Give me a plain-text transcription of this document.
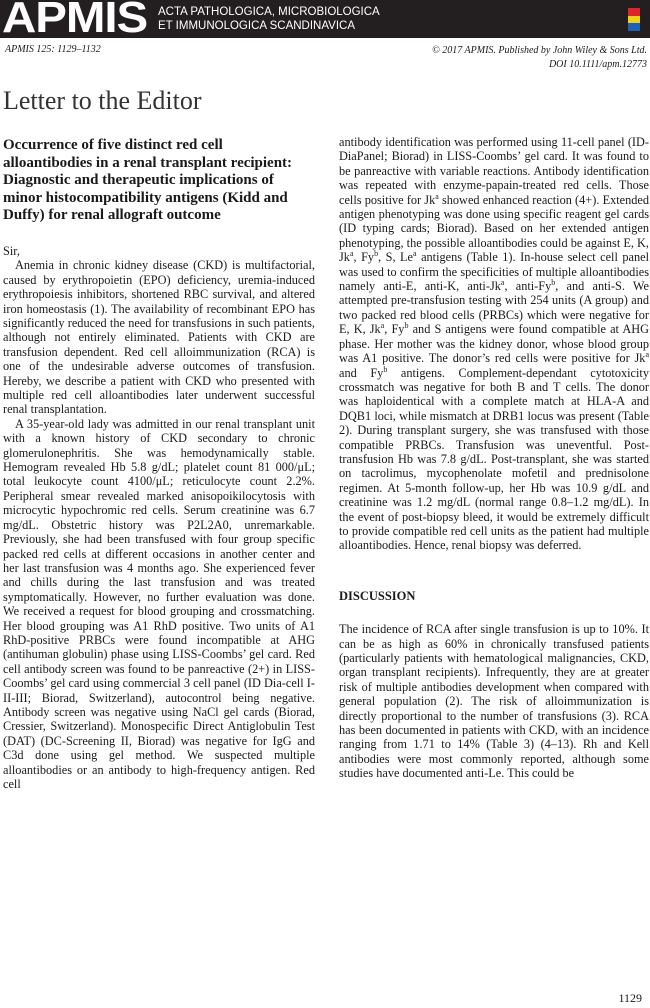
APMIS ACTA PATHOLOGICA, MICROBIOLOGICA
ET IMMUNOLOGICA SCANDINAVICA
APMIS 125: 1129–1132	© 2017 APMIS. Published by John Wiley & Sons Ltd.
DOI 10.1111/apm.12773
Letter to the Editor

Occurrence of five distinct red cell alloantibodies in a renal transplant recipient: Diagnostic and therapeutic implications of minor histocompatibility antigens (Kidd and Duffy) for renal allograft outcome

Sir,

Anemia in chronic kidney disease (CKD) is multifactorial, caused by erythropoietin (EPO) deficiency, uremia-induced erythropoiesis inhibitors, shortened RBC survival, and altered iron homeostasis (1). The availability of recombinant EPO has significantly reduced the need for transfusions in such patients, although not entirely eliminated. Patients with CKD are transfusion dependent. Red cell alloimmunization (RCA) is one of the undesirable adverse outcomes of transfusion. Hereby, we describe a patient with CKD who presented with multiple red cell alloantibodies later underwent successful renal transplantation.

A 35-year-old lady was admitted in our renal transplant unit with a known history of CKD secondary to chronic glomerulonephritis. She was hemodynamically stable. Hemogram revealed Hb 5.8 g/dL; platelet count 81 000/μL; total leukocyte count 4100/μL; reticulocyte count 2.2%. Peripheral smear revealed marked anisopoikilocytosis with microcytic hypochromic red cells. Serum creatinine was 6.7 mg/dL. Obstetric history was P2L2A0, unremarkable. Previously, she had been transfused with four group specific packed red cells at different occasions in another center and her last transfusion was 4 months ago. She experienced fever and chills during the last transfusion and was treated symptomatically. However, no further evaluation was done. We received a request for blood grouping and crossmatching. Her blood grouping was A1 RhD positive. Two units of A1 RhD-positive PRBCs were found incompatible at AHG (antihuman globulin) phase using LISS-Coombs’ gel card. Red cell antibody screen was found to be panreactive (2+) in LISS-Coombs’ gel card using commercial 3 cell panel (ID Dia-cell I-II-III; Biorad, Switzerland), autocontrol being negative. Antibody screen was negative using NaCl gel cards (Biorad, Cressier, Switzerland). Monospecific Direct Antiglobulin Test (DAT) (DC-Screening II, Biorad) was negative for IgG and C3d done using gel method. We suspected multiple alloantibodies or an antibody to high-frequency antigen. Red cell

antibody identification was performed using 11-cell panel (ID-DiaPanel; Biorad) in LISS-Coombs’ gel card. It was found to be panreactive with variable reactions. Antibody identification was repeated with enzyme-papain-treated red cells. Those cells positive for Jk$^a$ showed enhanced reaction (4+). Extended antigen phenotyping was done using specific reagent gel cards (ID typing cards; Biorad). Based on her extended antigen phenotyping, the possible alloantibodies could be against E, K, Jk$^a$, Fy$^b$, S, Le$^a$ antigens (Table 1). In-house select cell panel was used to confirm the specificities of multiple alloantibodies namely anti-E, anti-K, anti-Jk$^a$, anti-Fy$^b$, and anti-S. We attempted pre-transfusion testing with 254 units (A group) and two packed red blood cells (PRBCs) which were negative for E, K, Jk$^a$, Fy$^b$ and S antigens were found compatible at AHG phase. Her mother was the kidney donor, whose blood group was A1 positive. The donor’s red cells were positive for Jk$^a$ and Fy$^b$ antigens. Complement-dependant cytotoxicity crossmatch was negative for both B and T cells. The donor was haploidentical with a complete match at HLA-A and DQB1 loci, while mismatch at DRB1 locus was present (Table 2). During transplant surgery, she was transfused with those compatible PRBCs. Transfusion was uneventful. Post-transfusion Hb was 7.8 g/dL. Post-transplant, she was started on tacrolimus, mycophenolate mofetil and prednisolone regimen. At 5-month follow-up, her Hb was 10.9 g/dL and creatinine was 1.2 mg/dL (normal range 0.8–1.2 mg/dL). In the event of post-biopsy bleed, it would be extremely difficult to provide compatible red cell units as the patient had multiple alloantibodies. Hence, renal biopsy was deferred.

DISCUSSION

The incidence of RCA after single transfusion is up to 10%. It can be as high as 60% in chronically transfused patients (particularly patients with hematological malignancies, CKD, organ transplant recipients). Infrequently, they are at greater risk of multiple antibodies development when compared with general population (2). The risk of alloimmunization is directly proportional to the number of transfusions (3). RCA has been documented in patients with CKD, with an incidence ranging from 1.71 to 14% (Table 3) (4–13). Rh and Kell antibodies were most commonly reported, although some studies have documented anti-Le. This could be

1129
